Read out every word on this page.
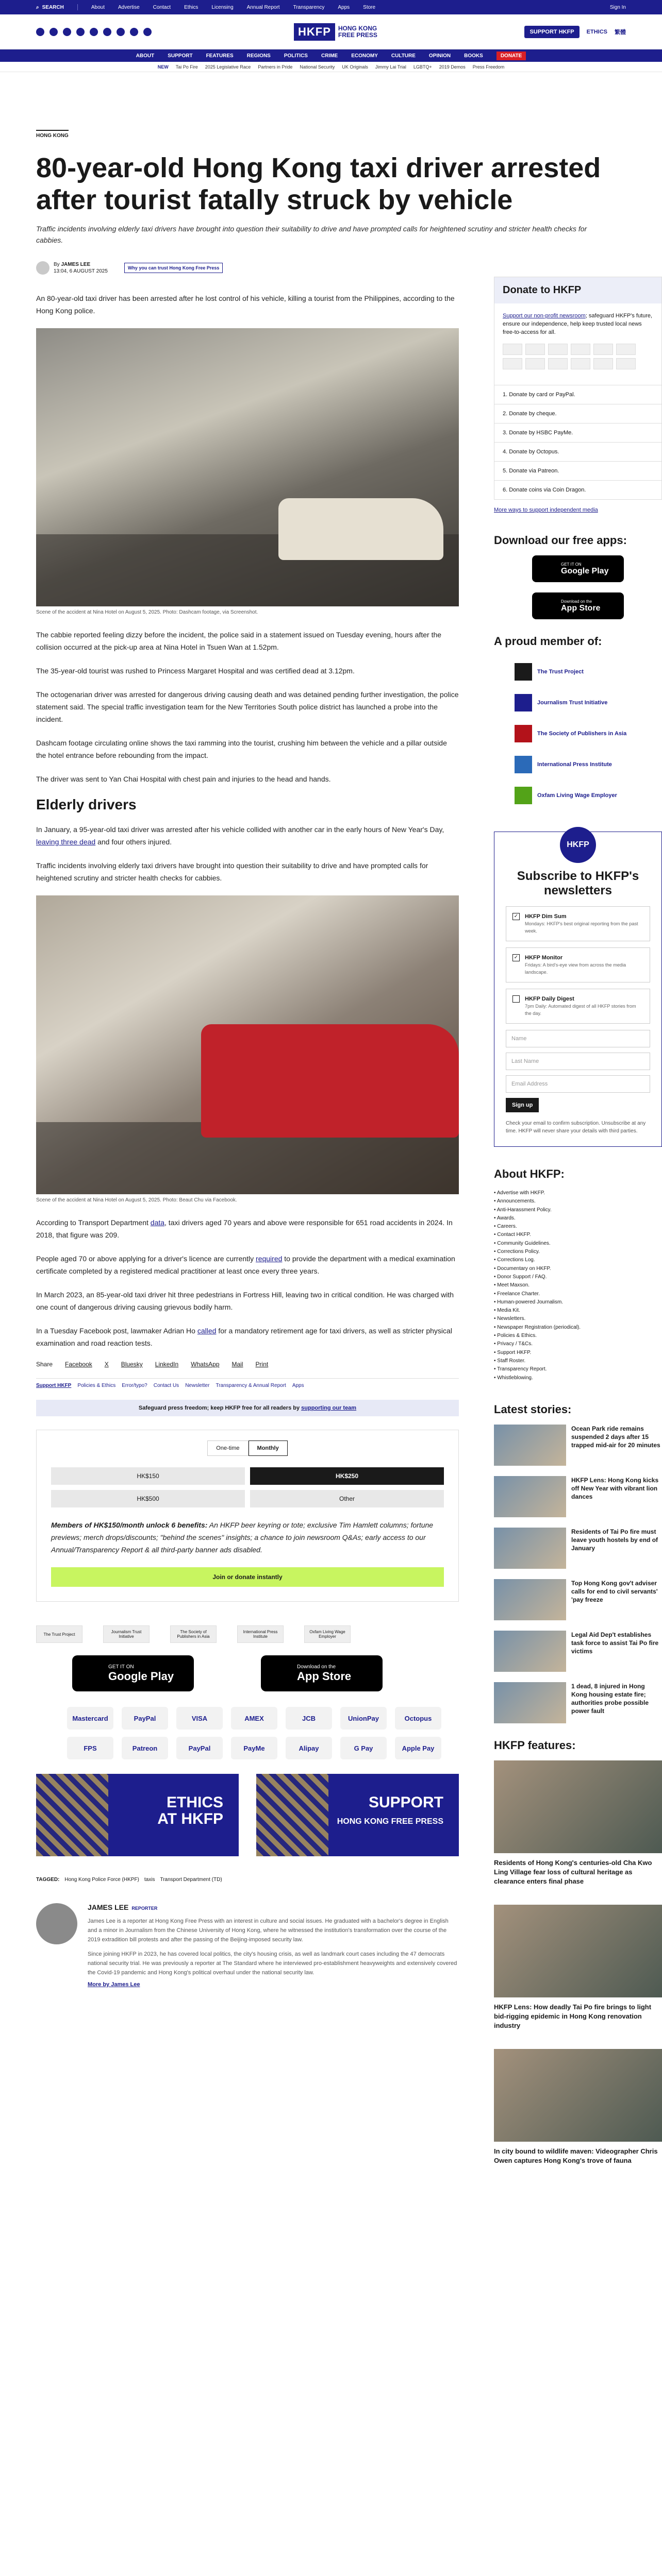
⌕ SEARCH	About	Advertise	Contact	Ethics	Licensing	Annual Report	Transparency	Apps	Store	Sign In
HKFP	HONG KONG
FREE PRESS	SUPPORT HKFP	ETHICS 繁體
ABOUT	SUPPORT	FEATURES	REGIONS	POLITICS	CRIME	ECONOMY	CULTURE	OPINION	BOOKS	DONATE
NEW Tai Po Fire 2025 Legislative Race Partners in Pride National Security UK Originals Jimmy Lai Trial LGBTQ+ 2019 Demos Press Freedom
HONG KONG
80-year-old Hong Kong taxi driver arrested after tourist fatally struck by vehicle

Traffic incidents involving elderly taxi drivers have brought into question their suitability to drive and have prompted calls for heightened scrutiny and stricter health checks for cabbies.

By JAMES LEE
13:04, 6 AUGUST 2025
Why you can trust Hong Kong Free Press

An 80-year-old taxi driver has been arrested after he lost control of his vehicle, killing a tourist from the Philippines, according to the Hong Kong police.

Scene of the accident at Nina Hotel on August 5, 2025. Photo: Dashcam footage, via Screenshot.

The cabbie reported feeling dizzy before the incident, the police said in a statement issued on Tuesday evening, hours after the collision occurred at the pick-up area at Nina Hotel in Tsuen Wan at 1.52pm.

The 35-year-old tourist was rushed to Princess Margaret Hospital and was certified dead at 3.12pm.

The octogenarian driver was arrested for dangerous driving causing death and was detained pending further investigation, the police statement said. The special traffic investigation team for the New Territories South police district has launched a probe into the incident.

Dashcam footage circulating online shows the taxi ramming into the tourist, crushing him between the vehicle and a pillar outside the hotel entrance before rebounding from the impact.

The driver was sent to Yan Chai Hospital with chest pain and injuries to the head and hands.

Elderly drivers

In January, a 95-year-old taxi driver was arrested after his vehicle collided with another car in the early hours of New Year's Day, leaving three dead and four others injured.

Traffic incidents involving elderly taxi drivers have brought into question their suitability to drive and have prompted calls for heightened scrutiny and stricter health checks for cabbies.

Scene of the accident at Nina Hotel on August 5, 2025. Photo: Beaut Chu via Facebook.

According to Transport Department data, taxi drivers aged 70 years and above were responsible for 651 road accidents in 2024. In 2018, that figure was 209.

People aged 70 or above applying for a driver's licence are currently required to provide the department with a medical examination certificate completed by a registered medical practitioner at least once every three years.

In March 2023, an 85-year-old taxi driver hit three pedestrians in Fortress Hill, leaving two in critical condition. He was charged with one count of dangerous driving causing grievous bodily harm.

In a Tuesday Facebook post, lawmaker Adrian Ho called for a mandatory retirement age for taxi drivers, as well as stricter physical examination and road reaction tests.

Share Facebook X Bluesky LinkedIn WhatsApp Mail Print
Support HKFP Policies & Ethics Error/typo? Contact Us Newsletter Transparency & Annual Report Apps
Safeguard press freedom; keep HKFP free for all readers by supporting our team
One-time	Monthly
HK$150	HK$250
HK$500	Other

Members of HK$150/month unlock 6 benefits: An HKFP beer keyring or tote; exclusive Tim Hamlett columns; fortune previews; merch drops/discounts; "behind the scenes" insights; a chance to join newsroom Q&As; early access to our Annual/Transparency Report & all third-party banner ads disabled.

Join or donate instantly
The Trust Project	Journalism Trust Initiative
The Society of Publishers in Asia
International Press Institute
Oxfam Living Wage Employer
GET IT ON
Google Play
Download on the
App Store
Mastercard	PayPal	VISA	AMEX	JCB	UnionPay	Octopus
FPS	Patreon	PayPal	PayMe	Alipay	G Pay	Apple Pay
ETHICS
AT HKFP
SUPPORT
HONG KONG FREE PRESS
TAGGED: Hong Kong Police Force (HKPF) taxis Transport Department (TD)
JAMES LEE REPORTER

James Lee is a reporter at Hong Kong Free Press with an interest in culture and social issues. He graduated with a bachelor's degree in English and a minor in Journalism from the Chinese University of Hong Kong, where he witnessed the institution's transformation over the course of the 2019 extradition bill protests and after the passing of the Beijing-imposed security law.

Since joining HKFP in 2023, he has covered local politics, the city's housing crisis, as well as landmark court cases including the 47 democrats national security trial. He was previously a reporter at The Standard where he interviewed pro-establishment heavyweights and extensively covered the Covid-19 pandemic and Hong Kong's political overhaul under the national security law.

More by James Lee
Donate to HKFP
Support our non-profit newsroom; safeguard HKFP's future, ensure our independence, help keep trusted local news free-to-access for all.
1. Donate by card or PayPal.
2. Donate by cheque.
3. Donate by HSBC PayMe.
4. Donate by Octopus.
5. Donate via Patreon.
6. Donate coins via Coin Dragon.
More ways to support independent media
Download our free apps:
GET IT ON
Google Play
Download on the
App Store
A proud member of:
The Trust Project
Journalism Trust Initiative
The Society of Publishers in Asia
International Press Institute
Oxfam Living Wage Employer
HKFP
Subscribe to HKFP's newsletters
✓ HKFP Dim Sum
Mondays: HKFP's best original reporting from the past week.
✓ HKFP Monitor
Fridays: A bird's-eye view from across the media landscape.
HKFP Daily Digest
7pm Daily: Automated digest of all HKFP stories from the day.
Name
Last Name
Email Address
Sign up

Check your email to confirm subscription. Unsubscribe at any time. HKFP will never share your details with third parties.

About HKFP:
• Advertise with HKFP.
• Announcements.
• Anti-Harassment Policy.
• Awards.
• Careers.
• Contact HKFP.
• Community Guidelines.
• Corrections Policy.
• Corrections Log.
• Documentary on HKFP.
• Donor Support / FAQ.
• Meet Maxson.
• Freelance Charter.
• Human-powered Journalism.
• Media Kit.
• Newsletters.
• Newspaper Registration (periodical).
• Policies & Ethics.
• Privacy / T&Cs.
• Support HKFP.
• Staff Roster.
• Transparency Report.
• Whistleblowing.
Latest stories:
Ocean Park ride remains suspended 2 days after 15 trapped mid-air for 20 minutes
HKFP Lens: Hong Kong kicks off New Year with vibrant lion dances
Residents of Tai Po fire must leave youth hostels by end of January
Top Hong Kong gov't adviser calls for end to civil servants' 'pay freeze
Legal Aid Dep't establishes task force to assist Tai Po fire victims
1 dead, 8 injured in Hong Kong housing estate fire; authorities probe possible power fault
HKFP features:
Residents of Hong Kong's centuries-old Cha Kwo Ling Village fear loss of cultural heritage as clearance enters final phase
HKFP Lens: How deadly Tai Po fire brings to light bid-rigging epidemic in Hong Kong renovation industry
In city bound to wildlife maven: Videographer Chris Owen captures Hong Kong's trove of fauna
